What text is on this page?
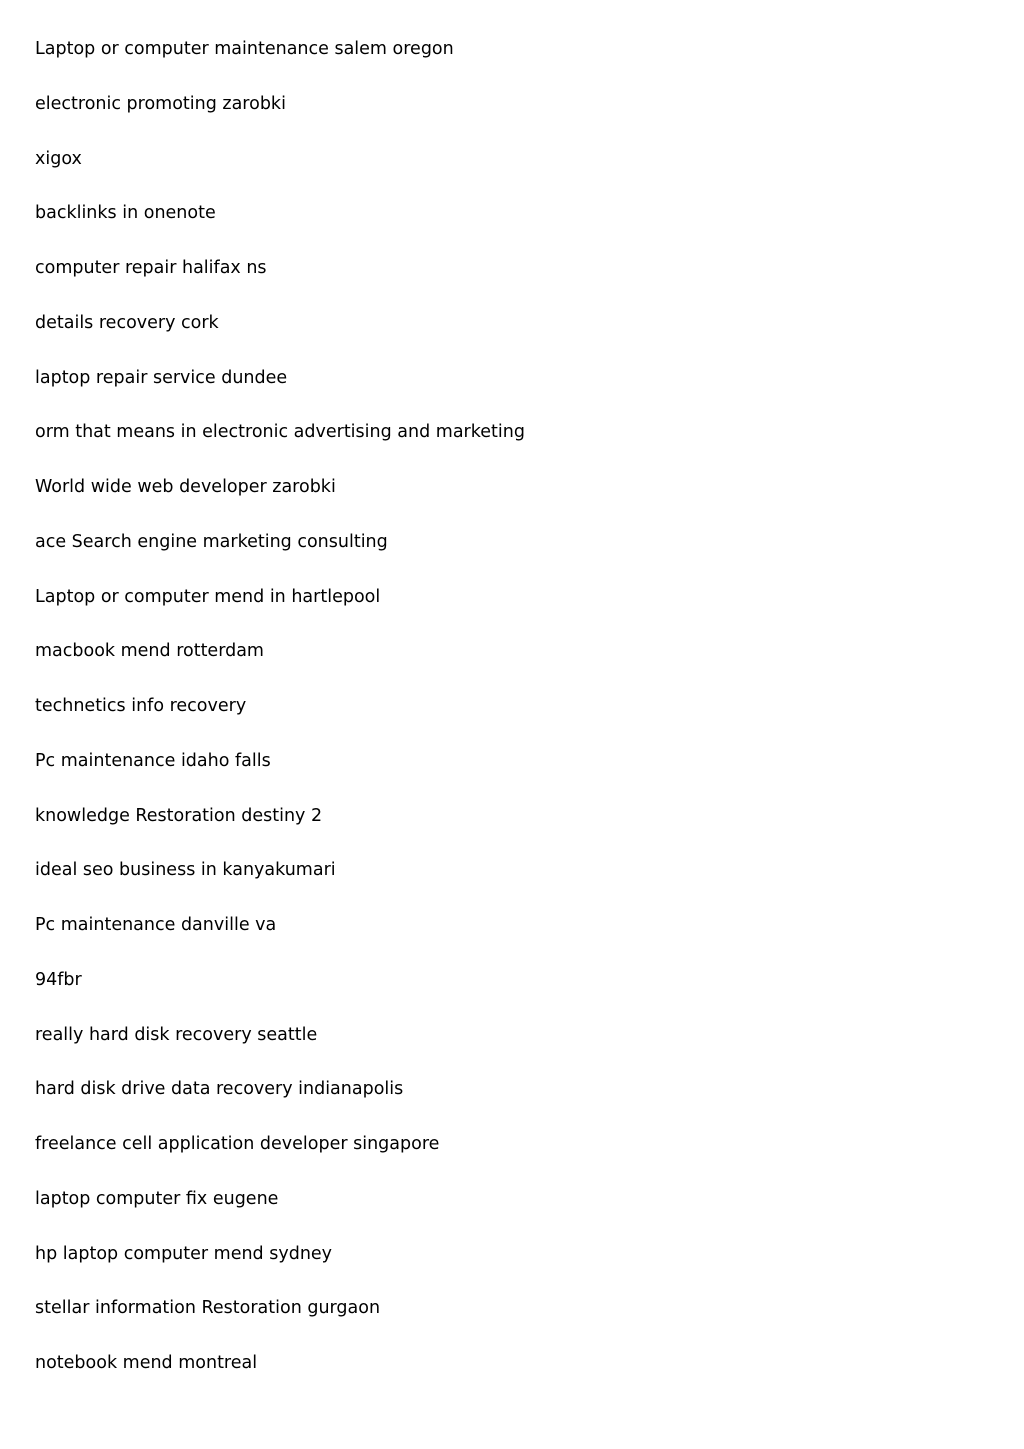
Laptop or computer maintenance salem oregon
electronic promoting zarobki
xigox
backlinks in onenote
computer repair halifax ns
details recovery cork
laptop repair service dundee
orm that means in electronic advertising and marketing
World wide web developer zarobki
ace Search engine marketing consulting
Laptop or computer mend in hartlepool
macbook mend rotterdam
technetics info recovery
Pc maintenance idaho falls
knowledge Restoration destiny 2
ideal seo business in kanyakumari
Pc maintenance danville va
94fbr
really hard disk recovery seattle
hard disk drive data recovery indianapolis
freelance cell application developer singapore
laptop computer fix eugene
hp laptop computer mend sydney
stellar information Restoration gurgaon
notebook mend montreal
